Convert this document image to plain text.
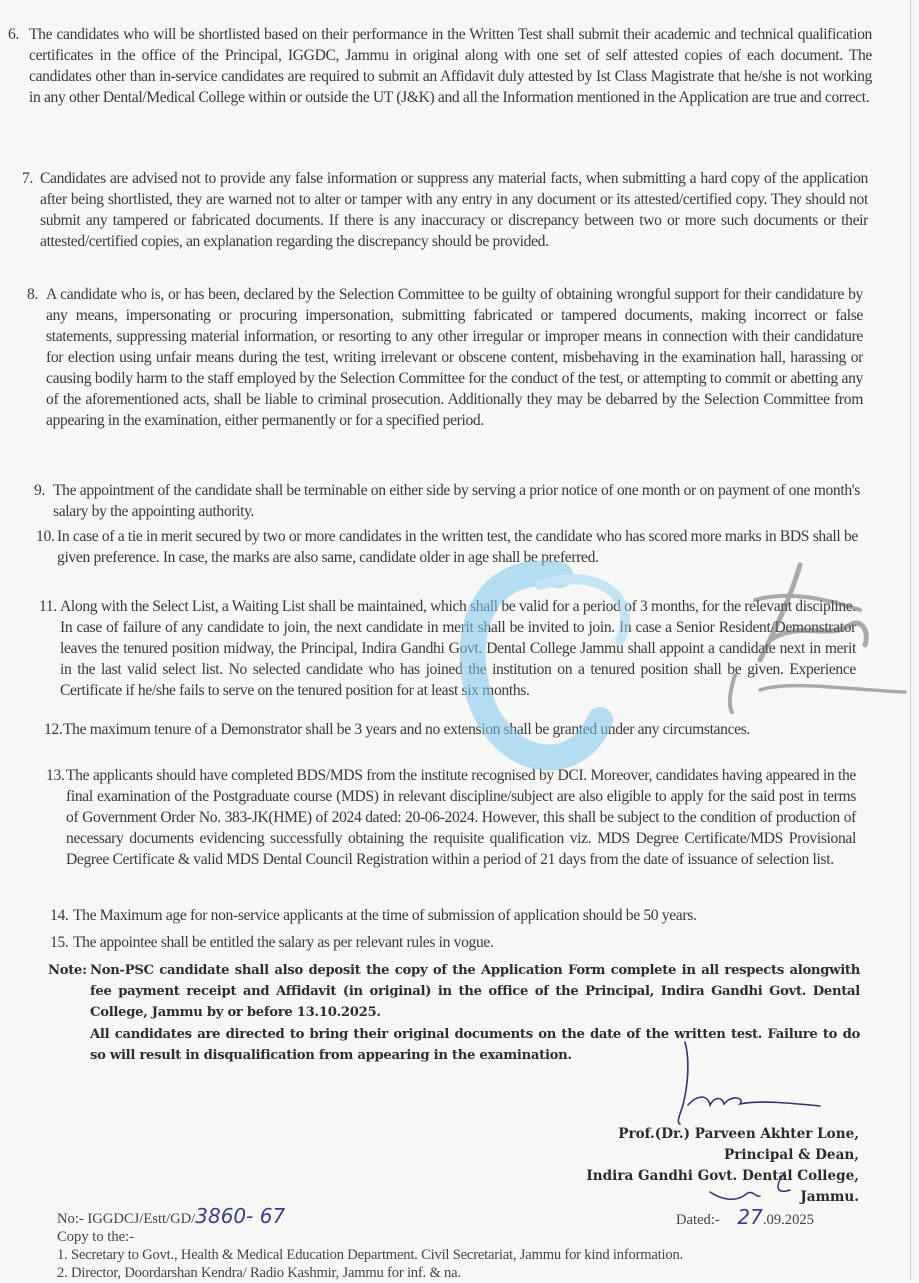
6. The candidates who will be shortlisted based on their performance in the Written Test shall submit their academic and technical qualification certificates in the office of the Principal, IGGDC, Jammu in original along with one set of self attested copies of each document. The candidates other than in-service candidates are required to submit an Affidavit duly attested by Ist Class Magistrate that he/she is not working in any other Dental/Medical College within or outside the UT (J&K) and all the Information mentioned in the Application are true and correct.
7. Candidates are advised not to provide any false information or suppress any material facts, when submitting a hard copy of the application after being shortlisted, they are warned not to alter or tamper with any entry in any document or its attested/certified copy. They should not submit any tampered or fabricated documents. If there is any inaccuracy or discrepancy between two or more such documents or their attested/certified copies, an explanation regarding the discrepancy should be provided.
8. A candidate who is, or has been, declared by the Selection Committee to be guilty of obtaining wrongful support for their candidature by any means, impersonating or procuring impersonation, submitting fabricated or tampered documents, making incorrect or false statements, suppressing material information, or resorting to any other irregular or improper means in connection with their candidature for election using unfair means during the test, writing irrelevant or obscene content, misbehaving in the examination hall, harassing or causing bodily harm to the staff employed by the Selection Committee for the conduct of the test, or attempting to commit or abetting any of the aforementioned acts, shall be liable to criminal prosecution. Additionally they may be debarred by the Selection Committee from appearing in the examination, either permanently or for a specified period.
9. The appointment of the candidate shall be terminable on either side by serving a prior notice of one month or on payment of one month's salary by the appointing authority.
10. In case of a tie in merit secured by two or more candidates in the written test, the candidate who has scored more marks in BDS shall be given preference. In case, the marks are also same, candidate older in age shall be preferred.
11. Along with the Select List, a Waiting List shall be maintained, which shall be valid for a period of 3 months, for the relevant discipline. In case of failure of any candidate to join, the next candidate in merit shall be invited to join. In case a Senior Resident/Demonstrator leaves the tenured position midway, the Principal, Indira Gandhi Govt. Dental College Jammu shall appoint a candidate next in merit in the last valid select list. No selected candidate who has joined the institution on a tenured position shall be given. Experience Certificate if he/she fails to serve on the tenured position for at least six months.
12. The maximum tenure of a Demonstrator shall be 3 years and no extension shall be granted under any circumstances.
13. The applicants should have completed BDS/MDS from the institute recognised by DCI. Moreover, candidates having appeared in the final examination of the Postgraduate course (MDS) in relevant discipline/subject are also eligible to apply for the said post in terms of Government Order No. 383-JK(HME) of 2024 dated: 20-06-2024. However, this shall be subject to the condition of production of necessary documents evidencing successfully obtaining the requisite qualification viz. MDS Degree Certificate/MDS Provisional Degree Certificate & valid MDS Dental Council Registration within a period of 21 days from the date of issuance of selection list.
14. The Maximum age for non-service applicants at the time of submission of application should be 50 years.
15. The appointee shall be entitled the salary as per relevant rules in vogue.
Note: Non-PSC candidate shall also deposit the copy of the Application Form complete in all respects alongwith fee payment receipt and Affidavit (in original) in the office of the Principal, Indira Gandhi Govt. Dental College, Jammu by or before 13.10.2025.
All candidates are directed to bring their original documents on the date of the written test. Failure to do so will result in disqualification from appearing in the examination.
Prof.(Dr.) Parveen Akhter Lone,
Principal & Dean,
Indira Gandhi Govt. Dental College,
Jammu.
No:- IGGDCJ/Estt/GD/3860- 67	Dated:- 27.09.2025
Copy to the:-
1. Secretary to Govt., Health & Medical Education Department. Civil Secretariat, Jammu for kind information.
2. Director, Doordarshan Kendra/ Radio Kashmir, Jammu for inf. & na.
